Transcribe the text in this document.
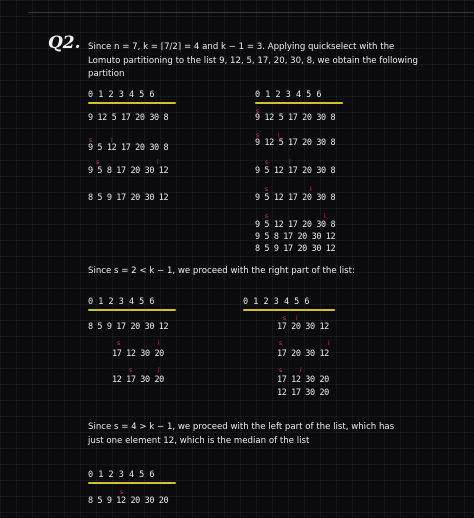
Q2. Since n = 7, k = ⌈7/2⌉ = 4 and k − 1 = 3. Applying quickselect with the
Lomuto partitioning to the list 9, 12, 5, 17, 20, 30, 8, we obtain the following
partition
0 1 2 3 4 5 6
9 12 5 17 20 30 8
s	i
9 5 12 17 20 30 8
s	i
9 5 8 17 20 30 12
8 5 9 17 20 30 12
0 1 2 3 4 5 6
9 12 5 17 20 30 8
s
9 12 5 17 20 30 8
s	i
9 5 12 17 20 30 8
s	i
9 5 12 17 20 30 8
s	i
9 5 12 17 20 30 8
s	i
9 5 8 17 20 30 12
8 5 9 17 20 30 12
Since s = 2 < k − 1, we proceed with the right part of the list:
0 1 2 3 4 5 6
8 5 9 17 20 30 12
s	i
17 12 30 20
s	i
12 17 30 20
0 1 2 3 4 5 6
s i
17 20 30 12
s	i
17 20 30 12
s	i
17 12 30 20
12 17 30 20
Since s = 4 > k − 1, we proceed with the left part of the list, which has
just one element 12, which is the median of the list
0 1 2 3 4 5 6
s
8 5 9 12 20 30 20
